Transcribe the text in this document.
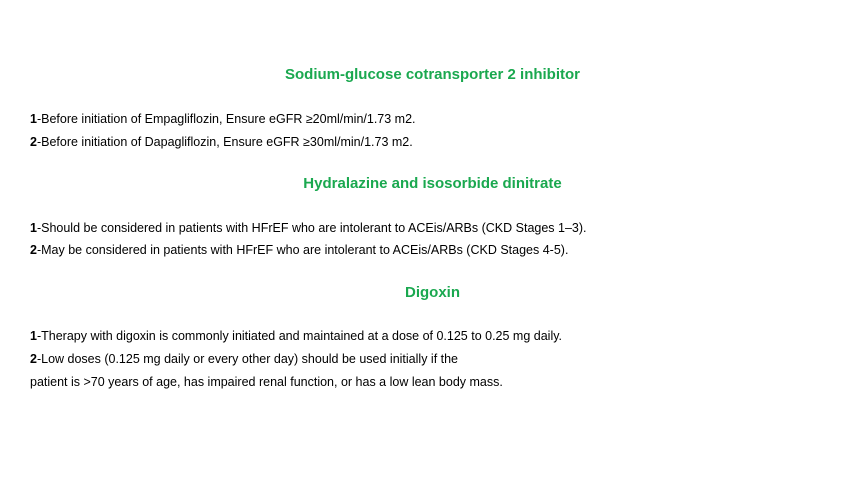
Sodium-glucose cotransporter 2 inhibitor
1-Before initiation of Empagliflozin, Ensure eGFR ≥20ml/min/1.73 m2.
2-Before initiation of Dapagliflozin, Ensure eGFR ≥30ml/min/1.73 m2.
Hydralazine and isosorbide dinitrate
1-Should be considered in patients with HFrEF who are intolerant to ACEis/ARBs (CKD Stages 1–3).
2-May be considered in patients with HFrEF who are intolerant to ACEis/ARBs (CKD Stages 4-5).
Digoxin
1-Therapy with digoxin is commonly initiated and maintained at a dose of 0.125 to 0.25 mg daily.
2-Low doses (0.125 mg daily or every other day) should be used initially if the
patient is >70 years of age, has impaired renal function, or has a low lean body mass.
